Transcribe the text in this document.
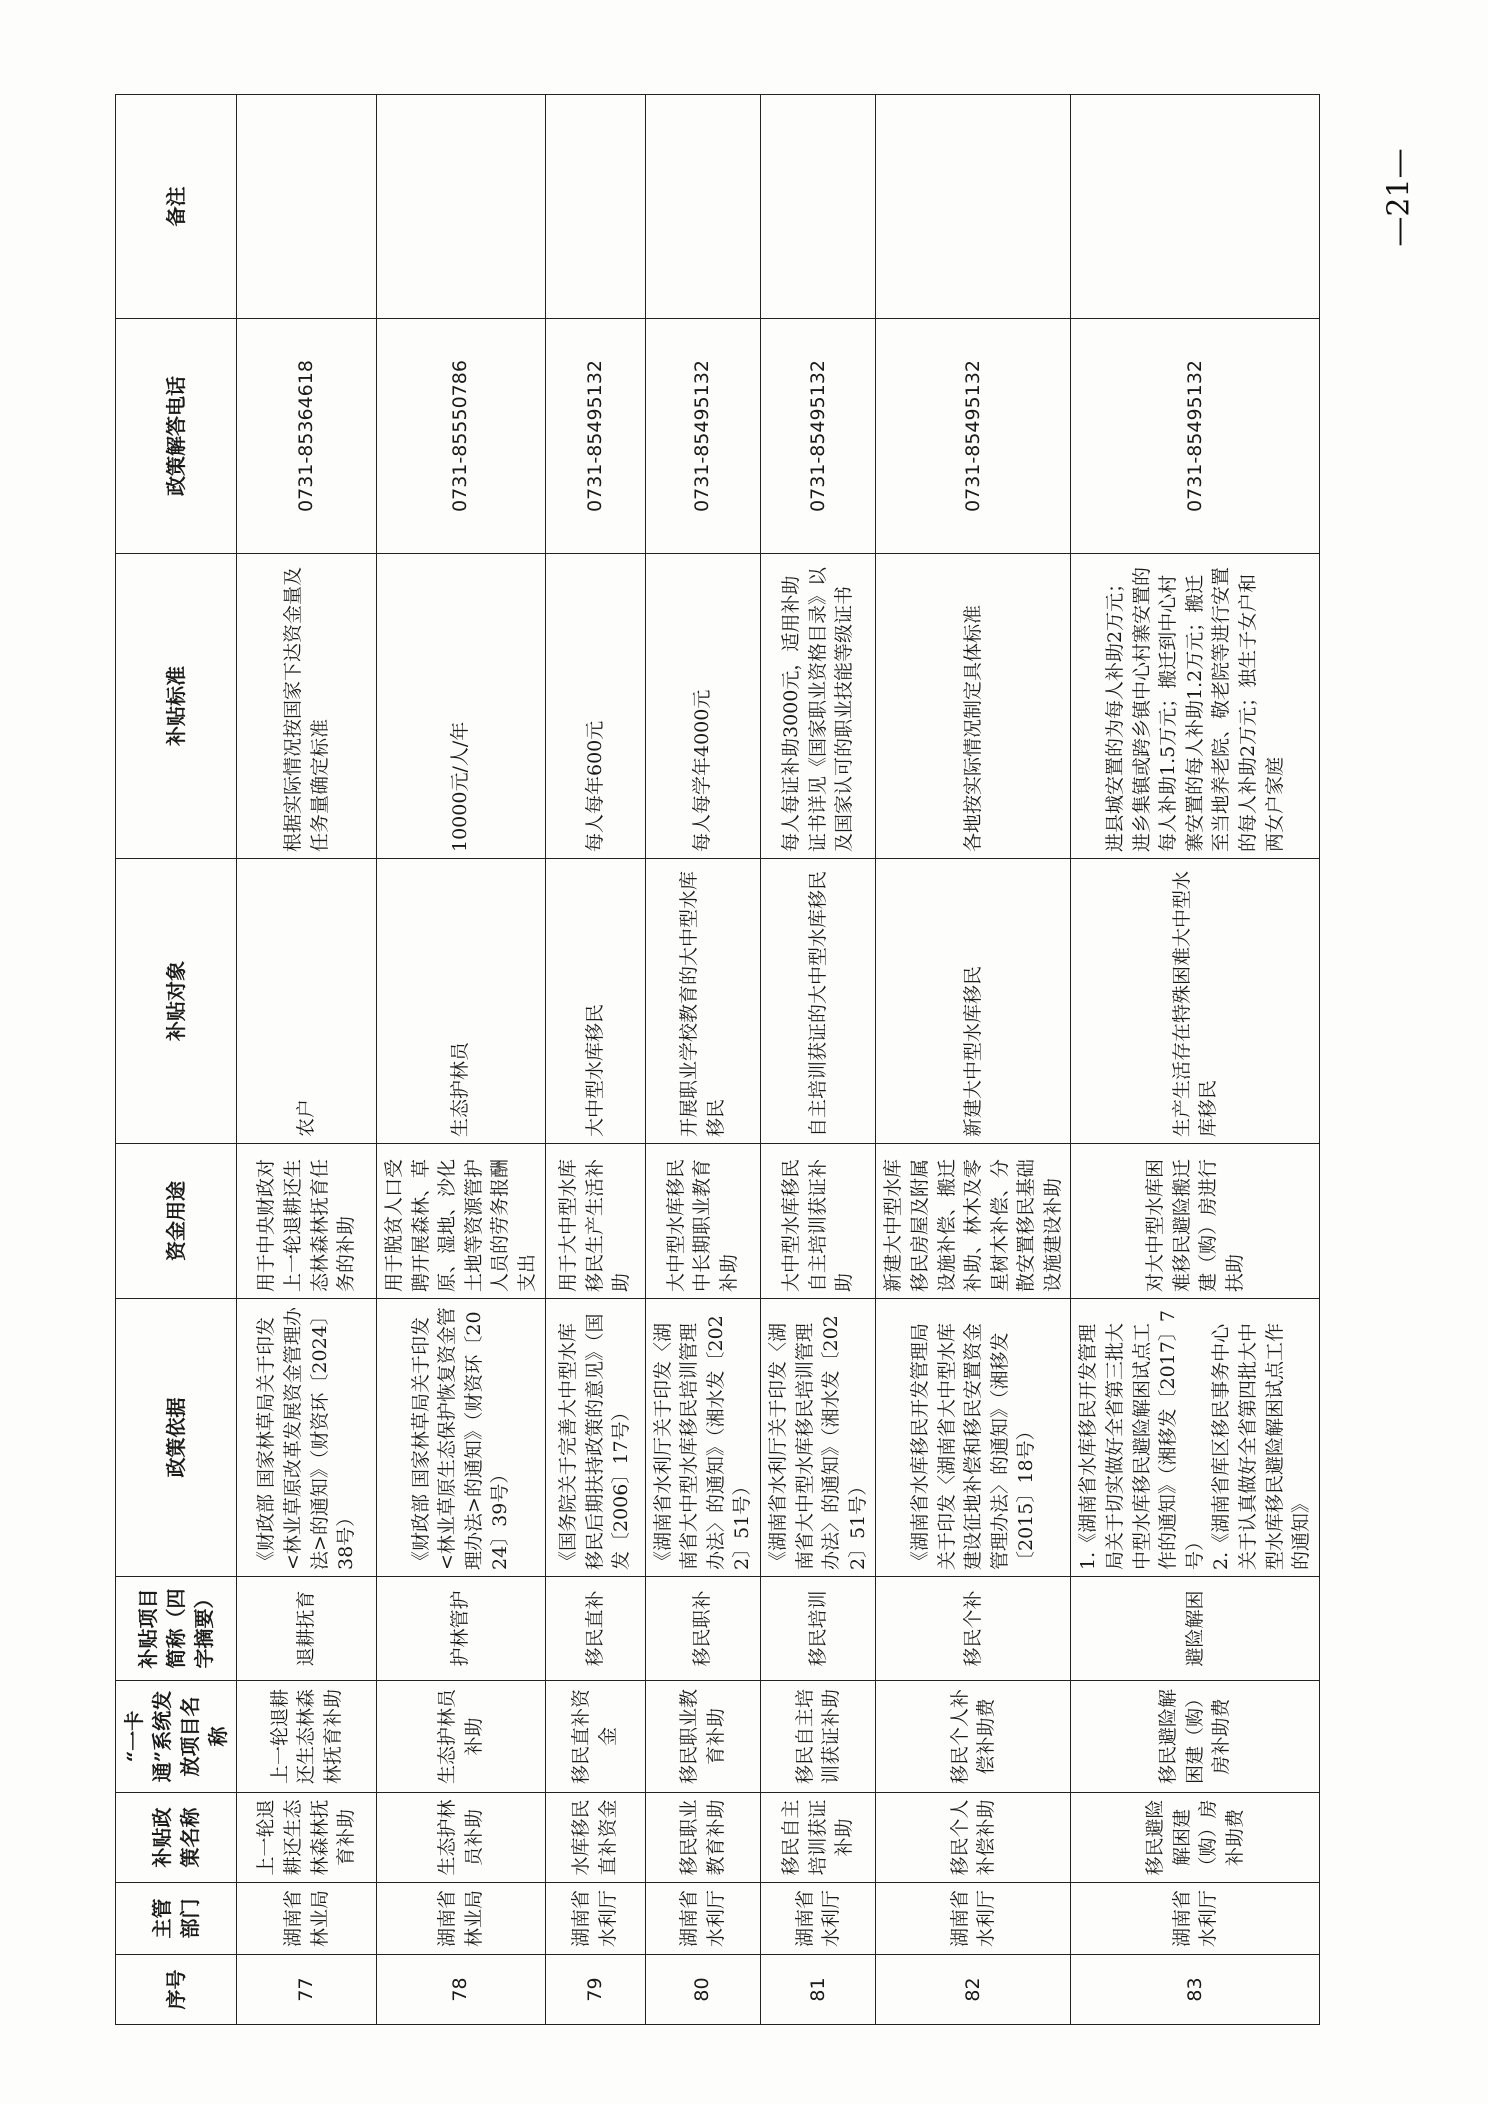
序号	主管部门	补贴政策名称	“一卡通”系统发放项目名称	补贴项目简称（四字摘要）	政策依据	资金用途	补贴对象	补贴标准	政策解答电话	备注
77	湖南省林业局	上一轮退耕还生态林森林抚育补助	上一轮退耕还生态林森林抚育补助	退耕抚育	《财政部 国家林草局关于印发<林业草原改革发展资金管理办法>的通知》（财资环〔2024〕38号）	用于中央财政对上一轮退耕还生态林森林抚育任务的补助	农户	根据实际情况按国家下达资金量及任务量确定标准	0731-85364618	
78	湖南省林业局	生态护林员补助	生态护林员补助	护林管护	《财政部 国家林草局关于印发<林业草原生态保护恢复资金管理办法>的通知》（财资环〔2024〕39号）	用于脱贫人口受聘开展森林、草原、湿地、沙化土地等资源管护人员的劳务报酬支出	生态护林员	10000元/人/年	0731-85550786	
79	湖南省水利厅	水库移民直补资金	移民直补资金	移民直补	《国务院关于完善大中型水库移民后期扶持政策的意见》（国发〔2006〕17号）	用于大中型水库移民生产生活补助	大中型水库移民	每人每年600元	0731-85495132	
80	湖南省水利厅	移民职业教育补助	移民职业教育补助	移民职补	《湖南省水利厅关于印发〈湖南省大中型水库移民培训管理办法〉的通知》（湘水发〔2022〕51号）	大中型水库移民中长期职业教育补助	开展职业学校教育的大中型水库移民	每人每学年4000元	0731-85495132	
81	湖南省水利厅	移民自主培训获证补助	移民自主培训获证补助	移民培训	《湖南省水利厅关于印发〈湖南省大中型水库移民培训管理办法〉的通知》（湘水发〔2022〕51号）	大中型水库移民自主培训获证补助	自主培训获证的大中型水库移民	每人每证补助3000元，适用补助证书详见《国家职业资格目录》以及国家认可的职业技能等级证书	0731-85495132	
82	湖南省水利厅	移民个人补偿补助	移民个人补偿补助费	移民个补	《湖南省水库移民开发管理局关于印发〈湖南省大中型水库建设征地补偿和移民安置资金管理办法〉的通知》（湘移发〔2015〕18号）	新建大中型水库移民房屋及附属设施补偿、搬迁补助、林木及零星树木补偿、分散安置移民基础设施建设补助	新建大中型水库移民	各地按实际情况制定具体标准	0731-85495132	
83	湖南省水利厅	移民避险解困建（购）房补助费	移民避险解困建（购）房补助费	避险解困	1.《湖南省水库移民开发管理局关于切实做好全省第三批大中型水库移民避险解困试点工作的通知》（湘移发〔2017〕7号）
2.《湖南省库区移民事务中心关于认真做好全省第四批大中型水库移民避险解困试点工作的通知》	对大中型水库困难移民避险搬迁建（购）房进行扶助	生产生活存在特殊困难大中型水库移民	进县城安置的为每人补助2万元；进乡集镇或跨乡镇中心村寨安置的每人补助1.5万元；搬迁到中心村寨安置的每人补助1.2万元；搬迁至当地养老院、敬老院等进行安置的每人补助2万元；独生子女户和两女户家庭	0731-85495132	
—21—
